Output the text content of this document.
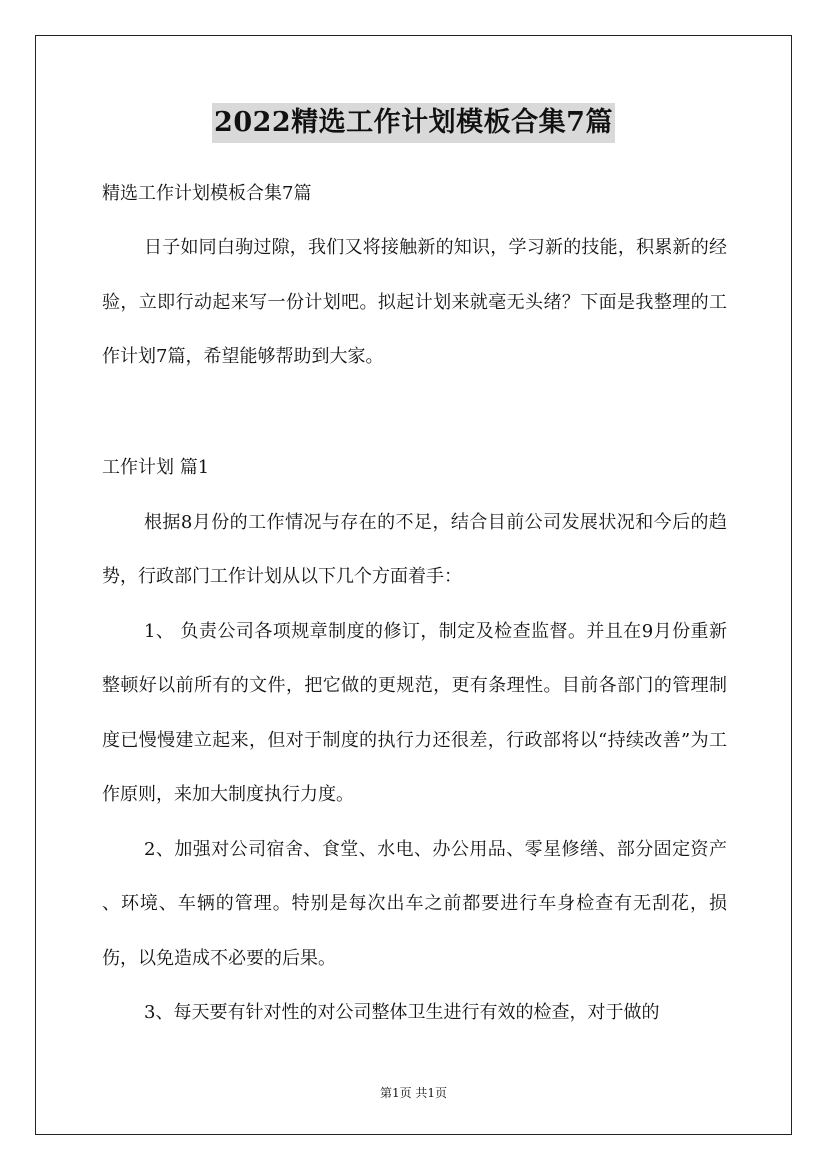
2022精选工作计划模板合集7篇

精选工作计划模板合集7篇

日子如同白驹过隙，我们又将接触新的知识，学习新的技能，积累新的经验，立即行动起来写一份计划吧。拟起计划来就毫无头绪？下面是我整理的工作计划7篇，希望能够帮助到大家。

工作计划 篇1

根据8月份的工作情况与存在的不足，结合目前公司发展状况和今后的趋势，行政部门工作计划从以下几个方面着手：

1、 负责公司各项规章制度的修订，制定及检查监督。并且在9月份重新整顿好以前所有的文件，把它做的更规范，更有条理性。目前各部门的管理制度已慢慢建立起来，但对于制度的执行力还很差，行政部将以“持续改善”为工作原则，来加大制度执行力度。

2、加强对公司宿舍、食堂、水电、办公用品、零星修缮、部分固定资产 、环境、车辆的管理。特别是每次出车之前都要进行车身检查有无刮花，损伤，以免造成不必要的后果。

3、每天要有针对性的对公司整体卫生进行有效的检查，对于做的

第1页 共1页
